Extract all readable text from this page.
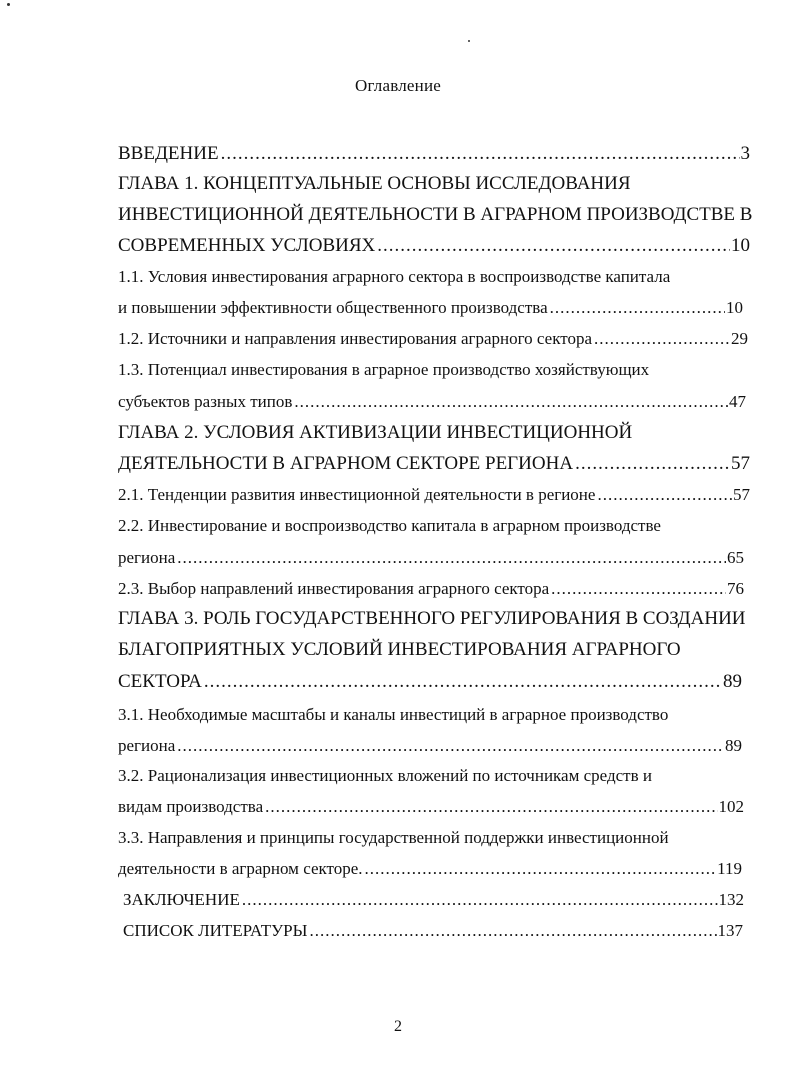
Оглавление
ВВЕДЕНИЕ .....	3
ГЛАВА 1. КОНЦЕПТУАЛЬНЫЕ ОСНОВЫ ИССЛЕДОВАНИЯ
ИНВЕСТИЦИОННОЙ ДЕЯТЕЛЬНОСТИ В АГРАРНОМ ПРОИЗВОДСТВЕ В
СОВРЕМЕННЫХ УСЛОВИЯХ .....	10
1.1. Условия инвестирования аграрного сектора в воспроизводстве капитала
и повышении эффективности общественного производства .....	10
1.2. Источники и направления инвестирования аграрного сектора .....	29
1.3. Потенциал инвестирования в аграрное производство хозяйствующих
субъектов разных типов .....	47
ГЛАВА 2. УСЛОВИЯ АКТИВИЗАЦИИ ИНВЕСТИЦИОННОЙ
ДЕЯТЕЛЬНОСТИ В АГРАРНОМ СЕКТОРЕ РЕГИОНА .....	57
2.1. Тенденции развития инвестиционной деятельности в регионе .....	57
2.2. Инвестирование и воспроизводство капитала в аграрном производстве
региона .....	65
2.3. Выбор направлений инвестирования аграрного сектора .....	76
ГЛАВА 3. РОЛЬ ГОСУДАРСТВЕННОГО РЕГУЛИРОВАНИЯ В СОЗДАНИИ
БЛАГОПРИЯТНЫХ УСЛОВИЙ ИНВЕСТИРОВАНИЯ АГРАРНОГО
СЕКТОРА .....	89
3.1. Необходимые масштабы и каналы инвестиций в аграрное производство
региона .....	89
3.2. Рационализация инвестиционных вложений по источникам средств и
видам производства .....	102
3.3. Направления и принципы государственной поддержки инвестиционной
деятельности в аграрном секторе. .....	119
ЗАКЛЮЧЕНИЕ .....	132
СПИСОК ЛИТЕРАТУРЫ .....	137
2
